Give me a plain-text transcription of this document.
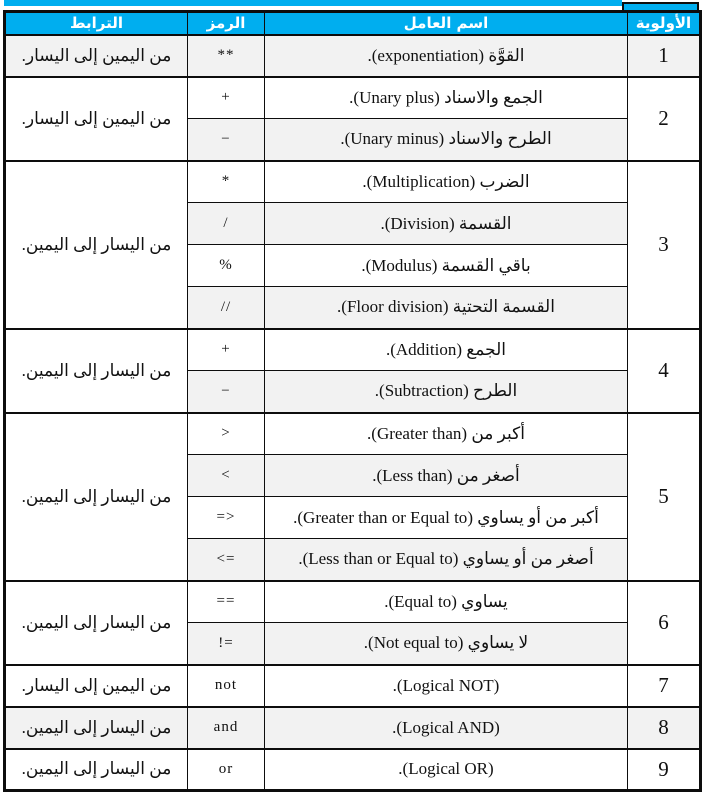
الأولوية	اسم العامل	الرمز	الترابط
1	القوَّة (exponentiation).	**	من اليمين إلى اليسار.
2	الجمع والاسناد (Unary plus).	+	من اليمين إلى اليسار.
	الطرح والاسناد (Unary minus).	−	
3	الضرب (Multiplication).	*	من اليسار إلى اليمين.
	القسمة (Division).	/	
	باقي القسمة (Modulus).	%	
	القسمة التحتية (Floor division).	//	
4	الجمع (Addition).	+	من اليسار إلى اليمين.
	الطرح (Subtraction).	−	
5	أكبر من (Greater than).	>	من اليسار إلى اليمين.
	أصغر من (Less than).	<	
	أكبر من أو يساوي (Greater than or Equal to).	=>	
	أصغر من أو يساوي (Less than or Equal to).	<=	
6	يساوي (Equal to).	==	من اليسار إلى اليمين.
	لا يساوي (Not equal to).	!=	
7	(Logical NOT).	not	من اليمين إلى اليسار.
8	(Logical AND).	and	من اليسار إلى اليمين.
9	(Logical OR).	or	من اليسار إلى اليمين.
